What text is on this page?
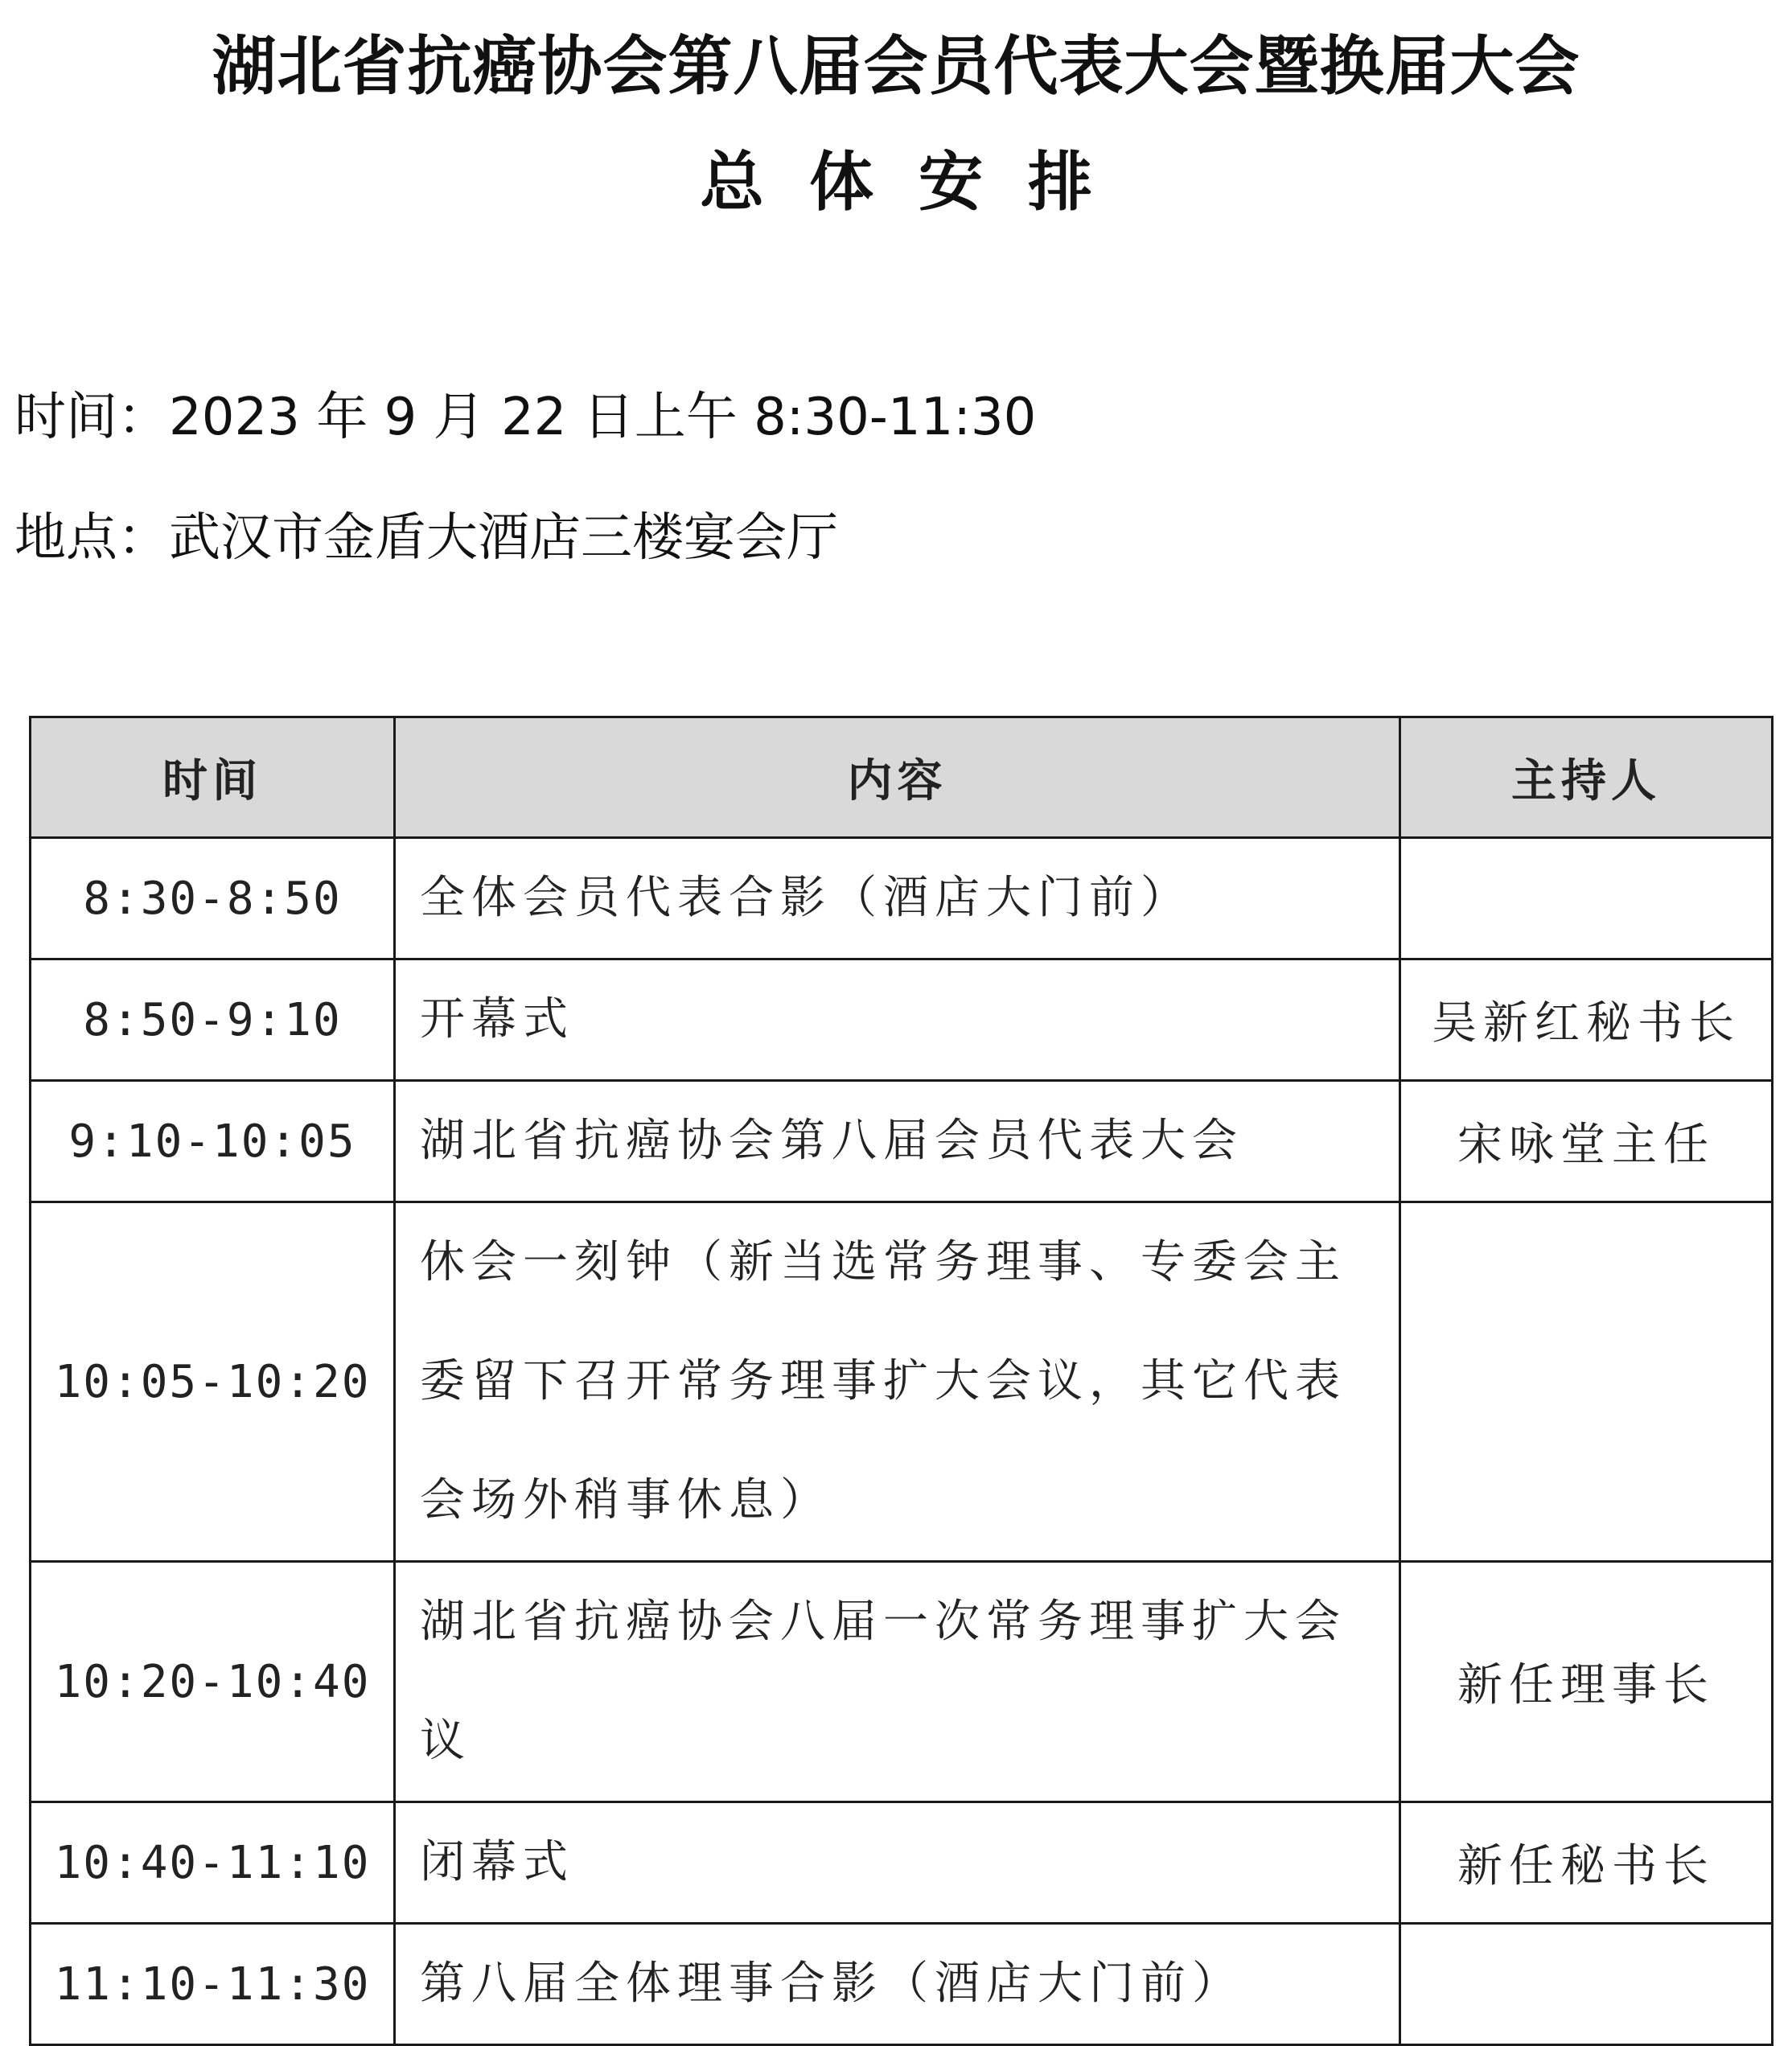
湖北省抗癌协会第八届会员代表大会暨换届大会
总体安排
时间：2023 年 9 月 22 日上午 8:30-11:30
地点：武汉市金盾大酒店三楼宴会厅
时间	内容	主持人
8:30-8:50	全体会员代表合影（酒店大门前）	
8:50-9:10	开幕式	吴新红秘书长
9:10-10:05	湖北省抗癌协会第八届会员代表大会	宋咏堂主任
10:05-10:20	休会一刻钟（新当选常务理事、专委会主委留下召开常务理事扩大会议，其它代表会场外稍事休息）	
10:20-10:40	湖北省抗癌协会八届一次常务理事扩大会议	新任理事长
10:40-11:10	闭幕式	新任秘书长
11:10-11:30	第八届全体理事合影（酒店大门前）	
